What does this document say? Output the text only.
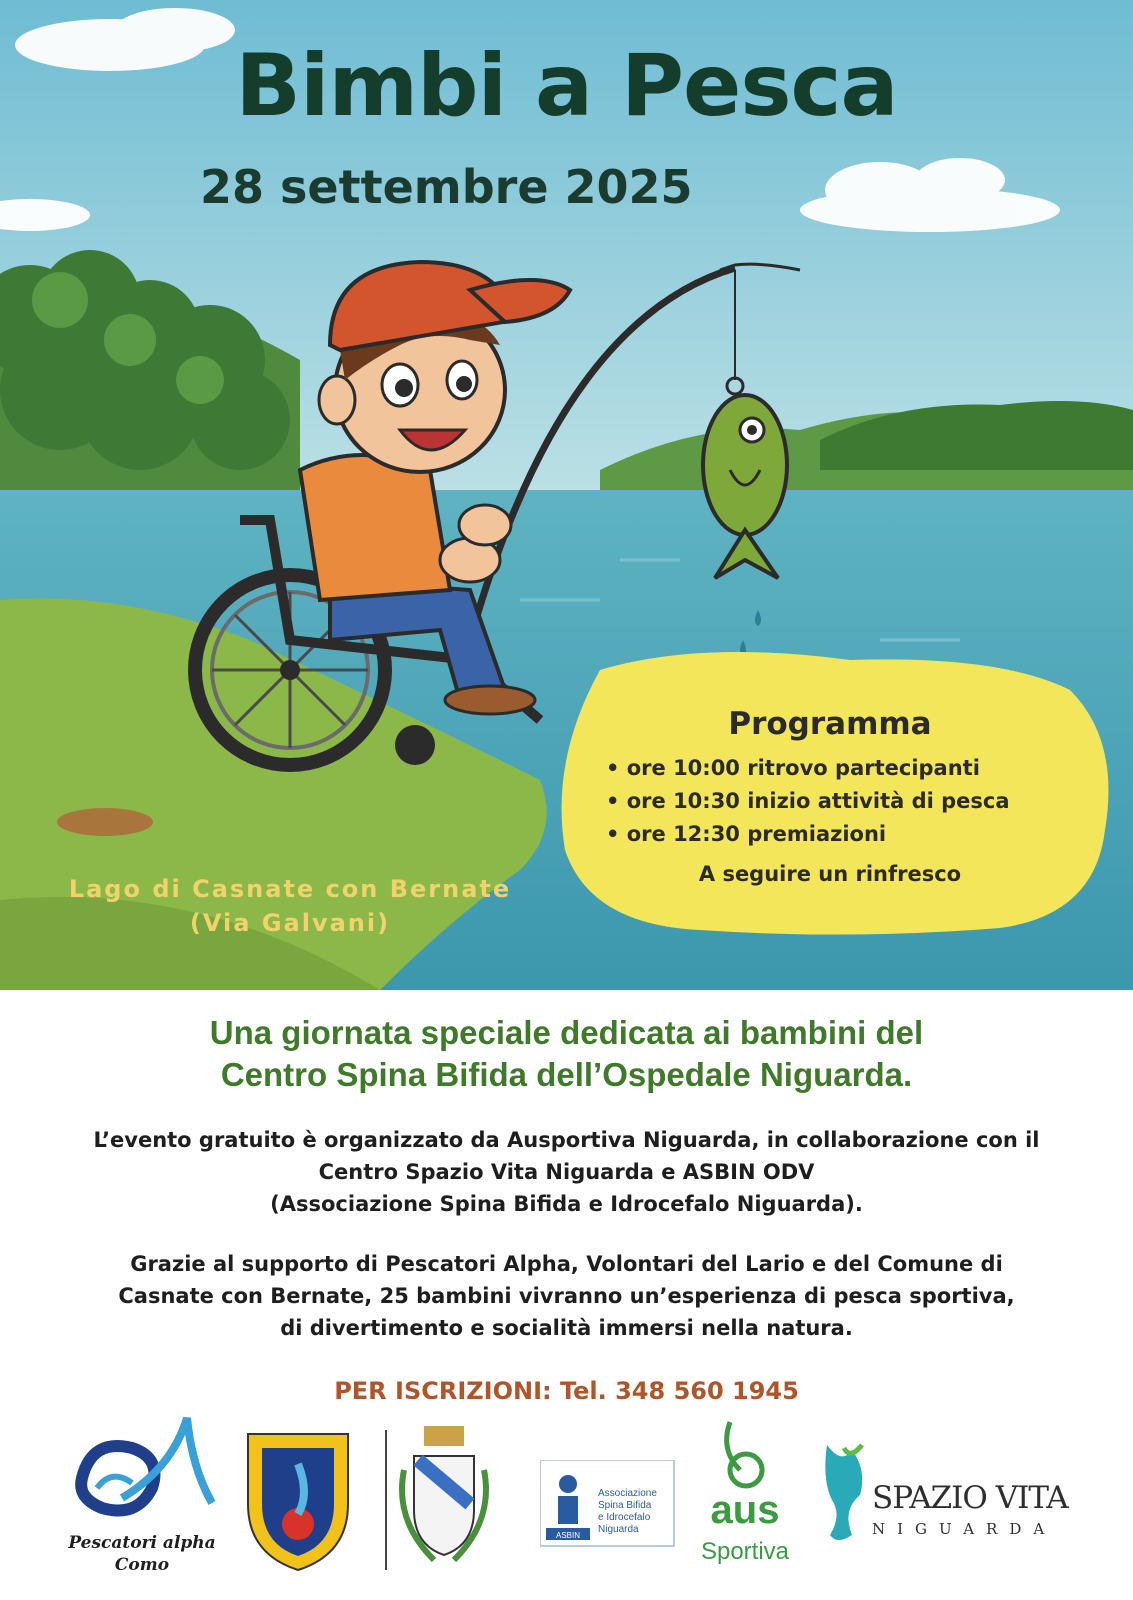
Bimbi a Pesca

28 settembre 2025

Programma
• ore 10:00 ritrovo partecipanti
• ore 10:30 inizio attività di pesca
• ore 12:30 premiazioni

A seguire un rinfresco

Lago di Casnate con Bernate
(Via Galvani)
Una giornata speciale dedicata ai bambini del
Centro Spina Bifida dell’Ospedale Niguarda.
L’evento gratuito è organizzato da Ausportiva Niguarda, in collaborazione con il
Centro Spazio Vita Niguarda e ASBIN ODV
(Associazione Spina Bifida e Idrocefalo Niguarda).
Grazie al supporto di Pescatori Alpha, Volontari del Lario e del Comune di
Casnate con Bernate, 25 bambini vivranno un’esperienza di pesca sportiva,
di divertimento e socialità immersi nella natura.

PER ISCRIZIONI: Tel. 348 560 1945

Pescatori alpha
Como
ASBIN
Associazione
Spina Bifida
e Idrocefalo
Niguarda	aus
Sportiva
SPAZIO VITA
NIGUARDA
